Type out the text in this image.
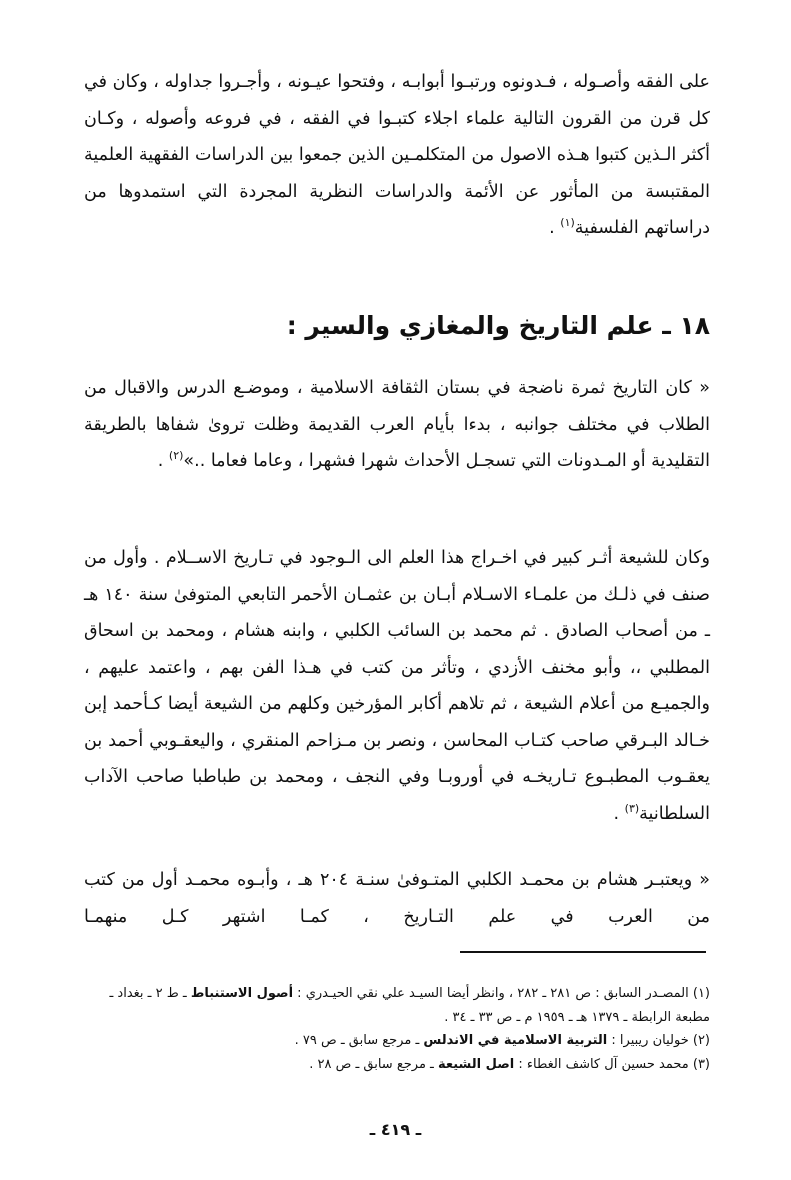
على الفقه وأصـوله ، فـدونوه ورتبـوا أبوابـه ، وفتحوا عيـونه ، وأجـروا جداوله ، وكان في كل قرن من القرون التالية علماء اجلاء كتبـوا في الفقه ، في فروعه وأصوله ، وكـان أكثر الـذين كتبوا هـذه الاصول من المتكلمـين الذين جمعوا بين الدراسات الفقهية العلمية المقتبسة من المأثور عن الأئمة والدراسات النظرية المجردة التي استمدوها من دراساتهم الفلسفية$^{(١)}$ .

١٨ ـ علم التاريخ والمغازي والسير :

« كان التاريخ ثمرة ناضجة في بستان الثقافة الاسلامية ، وموضـع الدرس والاقبال من الطلاب في مختلف جوانبه ، بدءا بأيام العرب القديمة وظلت تروىٰ شفاها بالطريقة التقليدية أو المـدونات التي تسجـل الأحداث شهرا فشهرا ، وعاما فعاما ..»$^{(٢)}$ .

وكان للشيعة أثـر كبير في اخـراج هذا العلم الى الـوجود في تـاريخ الاســلام . وأول من صنف في ذلـك من علمـاء الاسـلام أبـان بن عثمـان الأحمر التابعي المتوفىٰ سنة ١٤٠ هـ ـ من أصحاب الصادق . ثم محمد بن السائب الكلبي ، وابنه هشام ، ومحمد بن اسحاق المطلبي ،، وأبو مخنف الأزدي ، وتأثر من كتب في هـذا الفن بهم ، واعتمد عليهم ، والجميـع من أعلام الشيعة ، ثم تلاهم أكابر المؤرخين وكلهم من الشيعة أيضا كـأحمد إبن خـالد البـرقي صاحب كتـاب المحاسن ، ونصر بن مـزاحم المنقري ، واليعقـوبي أحمد بن يعقـوب المطبـوع تـاريخـه في أوروبـا وفي النجف ، ومحمد بن طباطبا صاحب الآداب السلطانية$^{(٣)}$ .

« ويعتبـر هشام بن محمـد الكلبي المتـوفىٰ سنـة ٢٠٤ هـ ، وأبـوه محمـد أول من كتب من العرب في علم التـاريخ ، كمـا اشتهر كـل منهمـا

(١) المصـدر السابق : ص ٢٨١ ـ ٢٨٢ ، وانظر أيضا السيـد علي نقي الحيـدري : أصول الاستنباط ـ ط ٢ ـ بغداد ـ مطبعة الرابطة ـ ١٣٧٩ هـ ـ ١٩٥٩ م ـ ص ٣٣ ـ ٣٤ .
(٢) خوليان ريبيرا : التربية الاسلامية في الاندلس ـ مرجع سابق ـ ص ٧٩ .
(٣) محمد حسين آل كاشف الغطاء : اصل الشيعة ـ مرجع سابق ـ ص ٢٨ .

ـ ٤١٩ ـ
